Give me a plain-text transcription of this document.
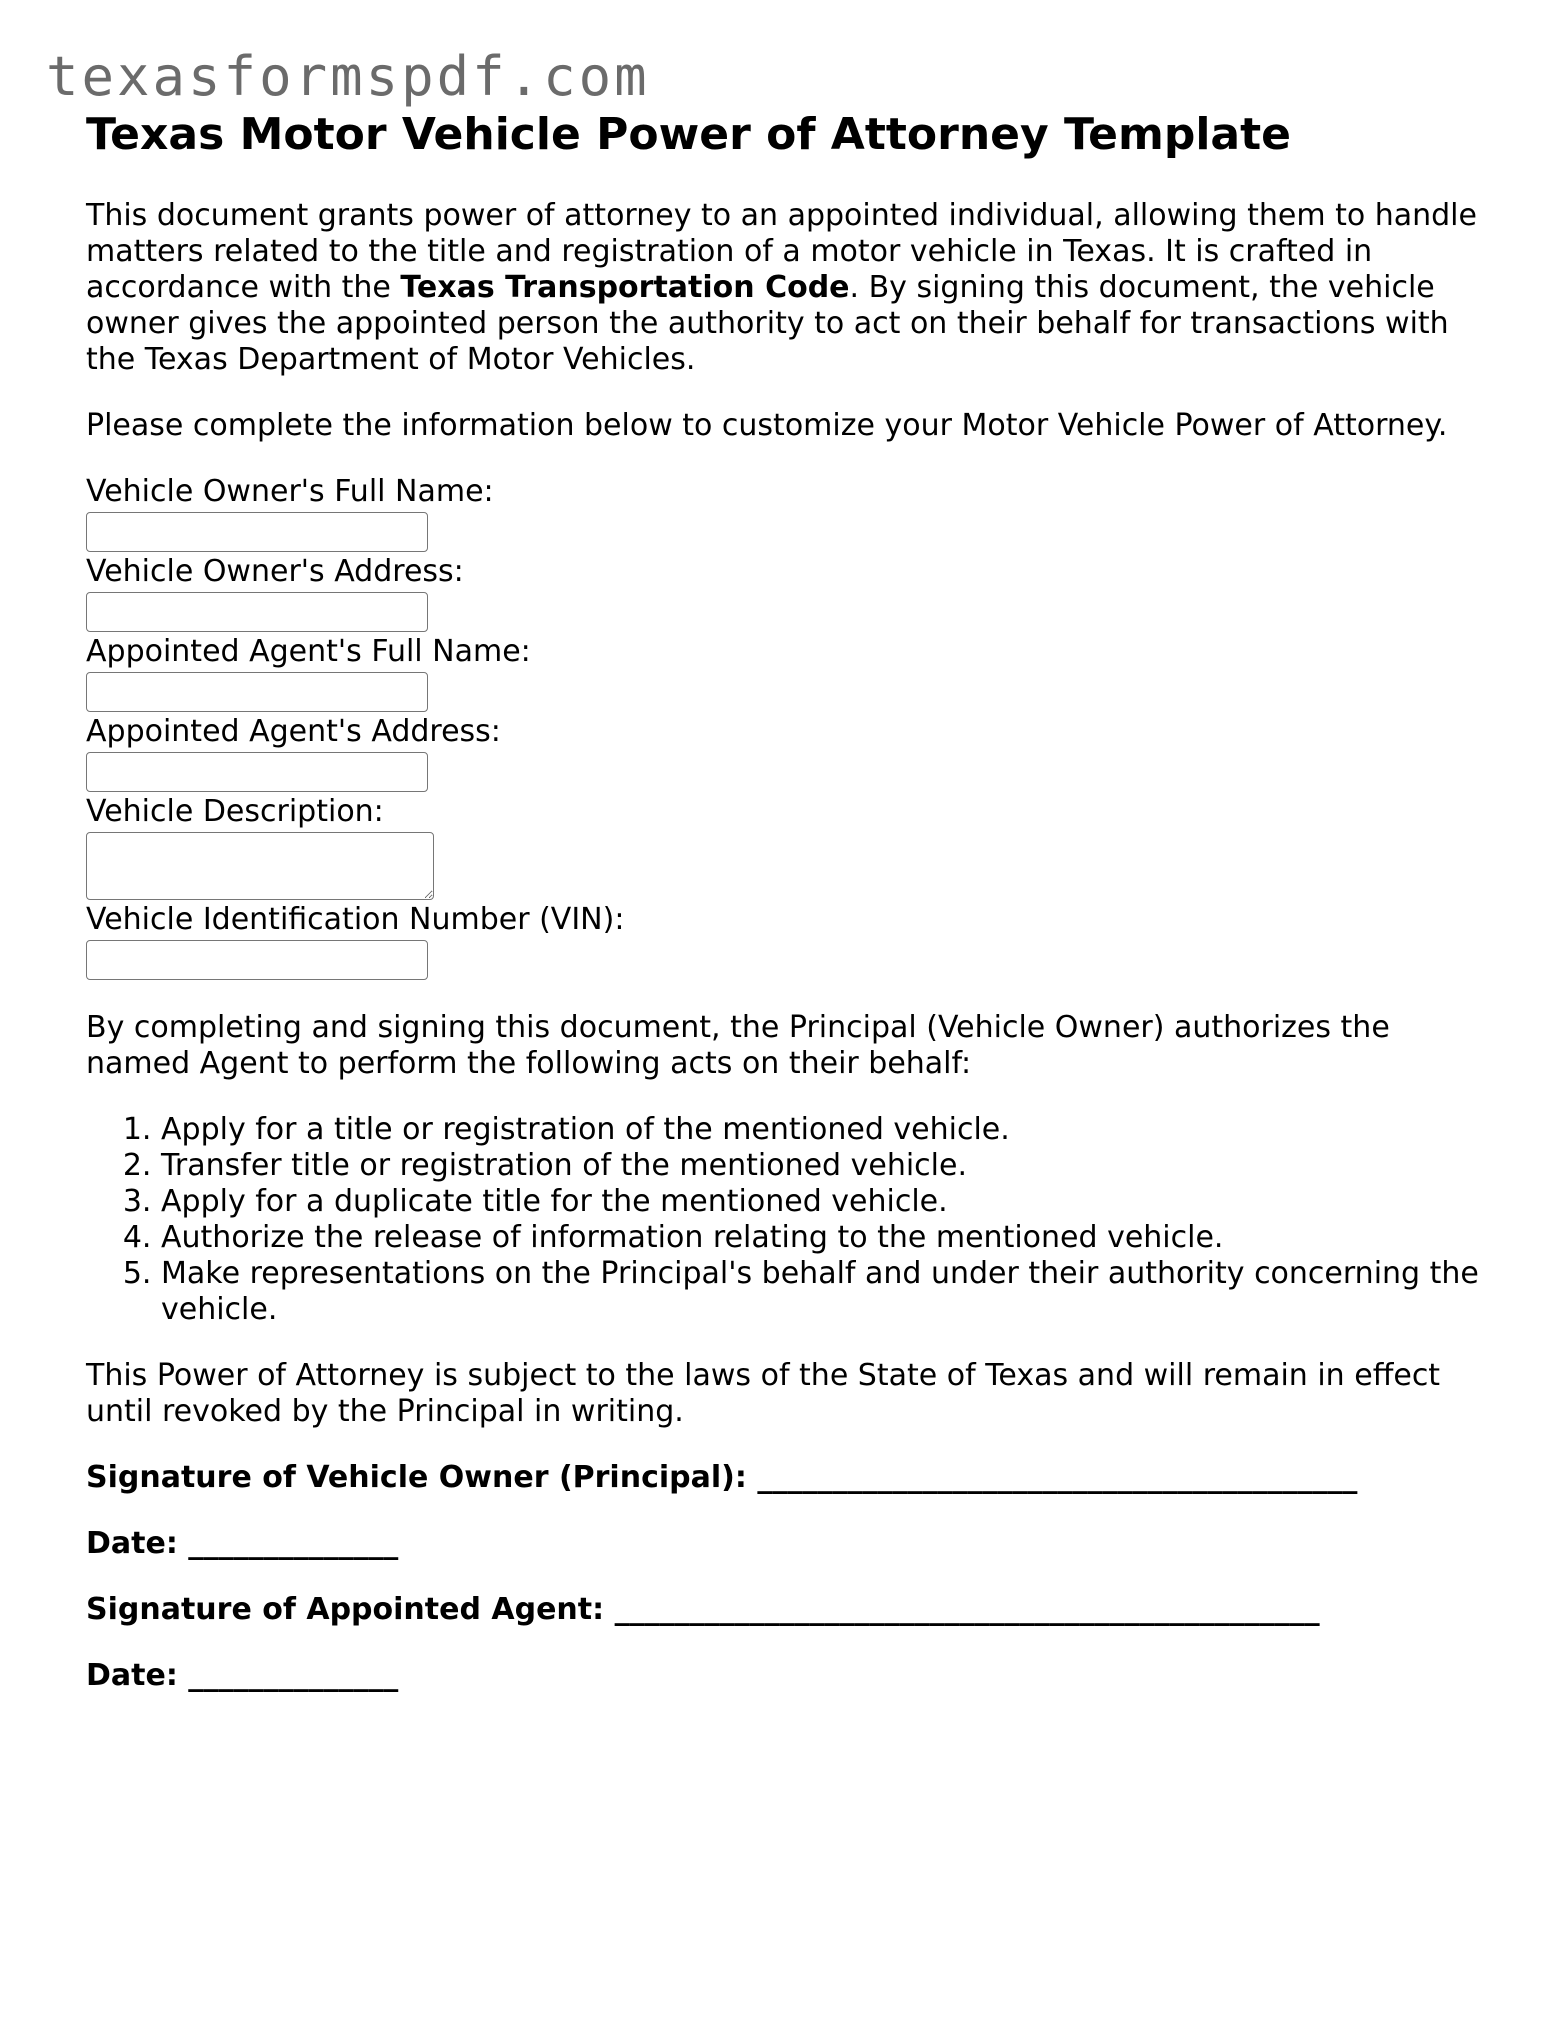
texasformspdf.com
Texas Motor Vehicle Power of Attorney Template

This document grants power of attorney to an appointed individual, allowing them to handle matters related to the title and registration of a motor vehicle in Texas. It is crafted in accordance with the Texas Transportation Code. By signing this document, the vehicle owner gives the appointed person the authority to act on their behalf for transactions with the Texas Department of Motor Vehicles.

Please complete the information below to customize your Motor Vehicle Power of Attorney.

Vehicle Owner's Full Name:
Vehicle Owner's Address:
Appointed Agent's Full Name:
Appointed Agent's Address:
Vehicle Description:
Vehicle Identification Number (VIN):

By completing and signing this document, the Principal (Vehicle Owner) authorizes the named Agent to perform the following acts on their behalf:

1. Apply for a title or registration of the mentioned vehicle.
2. Transfer title or registration of the mentioned vehicle.
3. Apply for a duplicate title for the mentioned vehicle.
4. Authorize the release of information relating to the mentioned vehicle.
5. Make representations on the Principal's behalf and under their authority concerning the vehicle.

This Power of Attorney is subject to the laws of the State of Texas and will remain in effect until revoked by the Principal in writing.

Signature of Vehicle Owner (Principal): ________________________________________
Date: ______________
Signature of Appointed Agent: _______________________________________________
Date: ______________
